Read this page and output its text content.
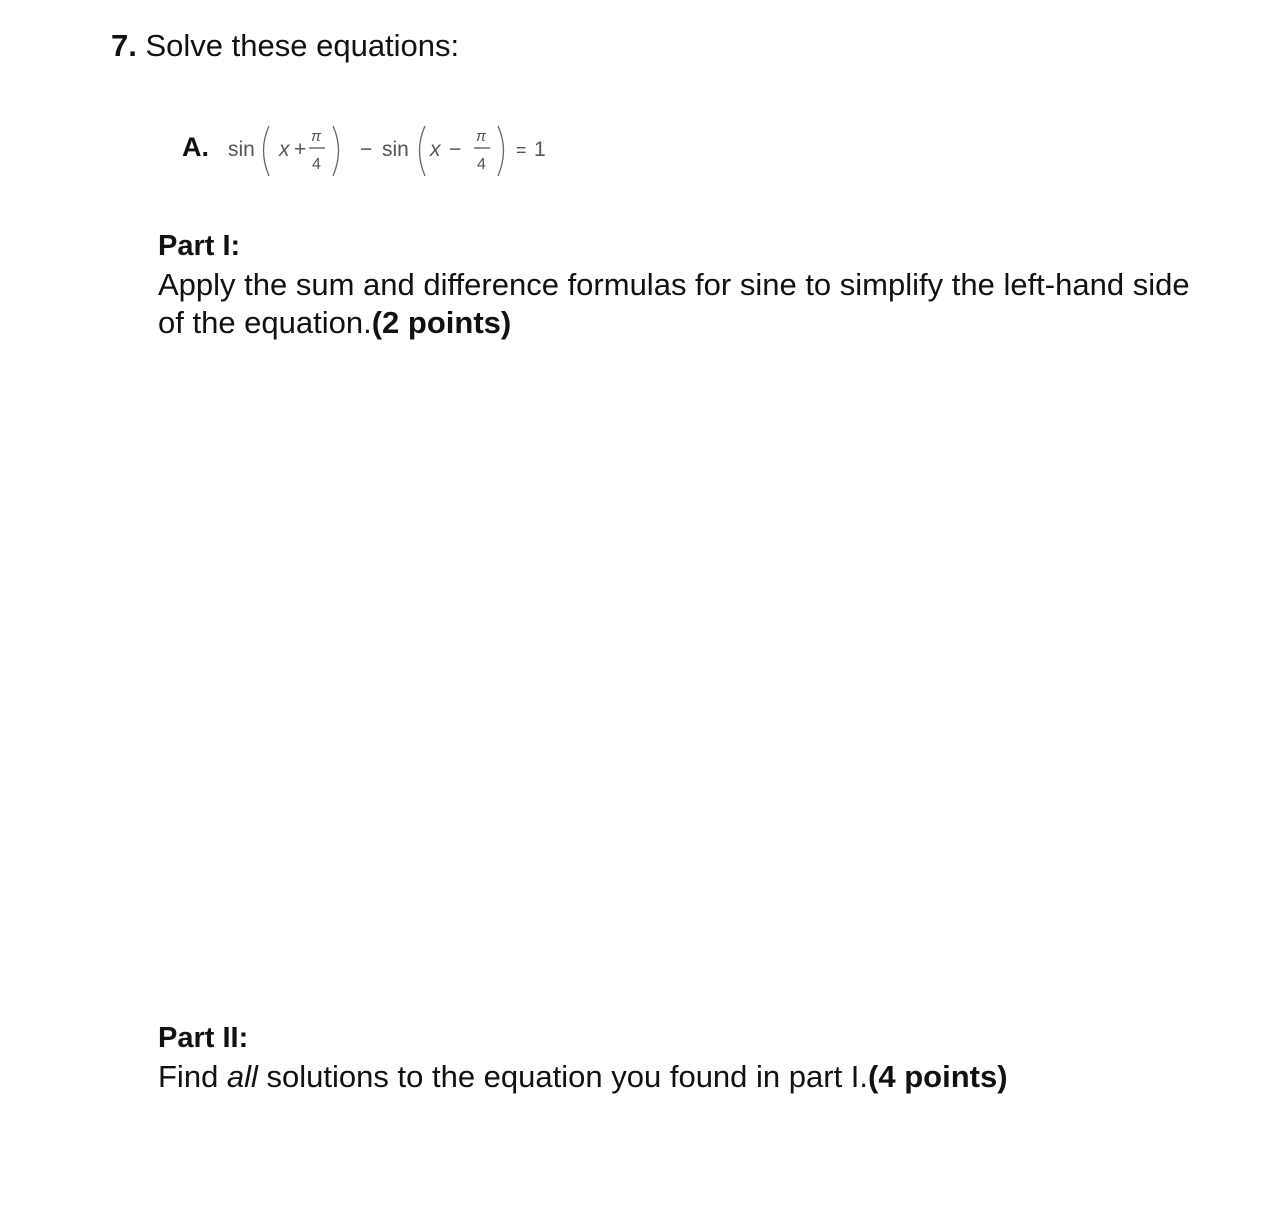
7. Solve these equations:
A. sin x +
π
4
− sin x −
π
4
= 1
Part I:
Apply the sum and difference formulas for sine to simplify the left-hand side
of the equation.(2 points)
Part II:
Find all solutions to the equation you found in part I.(4 points)
